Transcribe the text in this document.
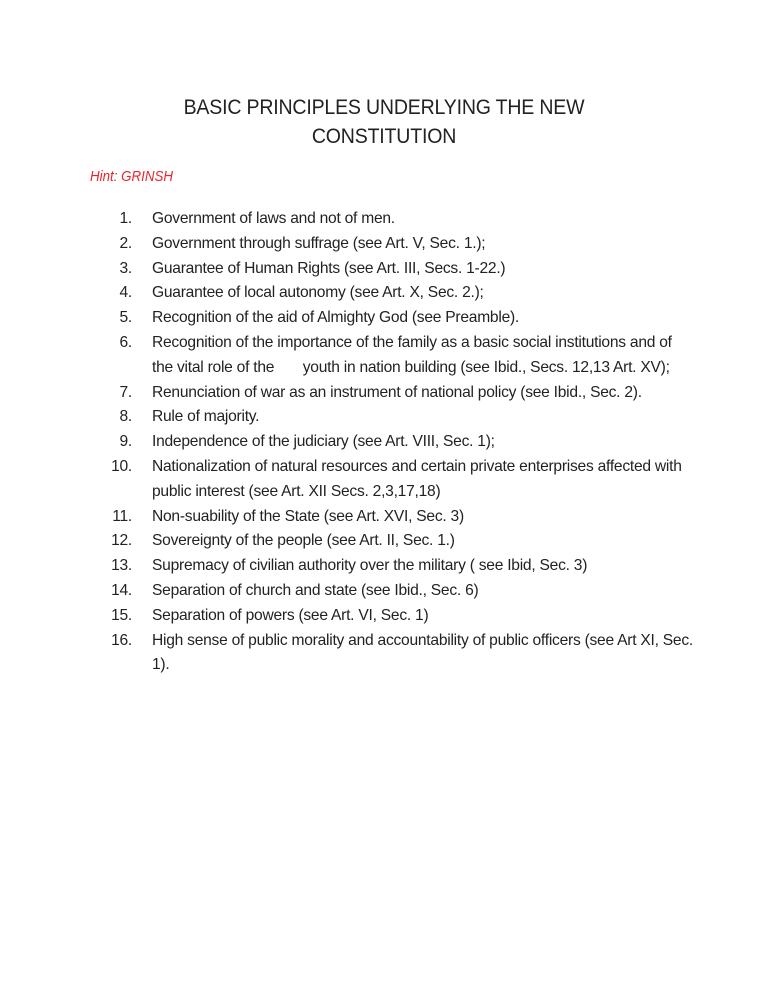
BASIC PRINCIPLES UNDERLYING THE NEW
CONSTITUTION
Hint: GRINSH
1. Government of laws and not of men.
2. Government through suffrage (see Art. V, Sec. 1.);
3. Guarantee of Human Rights (see Art. III, Secs. 1-22.)
4. Guarantee of local autonomy (see Art. X, Sec. 2.);
5. Recognition of the aid of Almighty God (see Preamble).
6. Recognition of the importance of the family as a basic social institutions and of the vital role of the       youth in nation building (see Ibid., Secs. 12,13 Art. XV);
7. Renunciation of war as an instrument of national policy (see Ibid., Sec. 2).
8. Rule of majority.
9. Independence of the judiciary (see Art. VIII, Sec. 1);
10. Nationalization of natural resources and certain private enterprises affected with public interest (see Art. XII Secs. 2,3,17,18)
11. Non-suability of the State (see Art. XVI, Sec. 3)
12. Sovereignty of the people (see Art. II, Sec. 1.)
13. Supremacy of civilian authority over the military ( see Ibid, Sec. 3)
14. Separation of church and state (see Ibid., Sec. 6)
15. Separation of powers (see Art. VI, Sec. 1)
16. High sense of public morality and accountability of public officers (see Art XI, Sec. 1).
